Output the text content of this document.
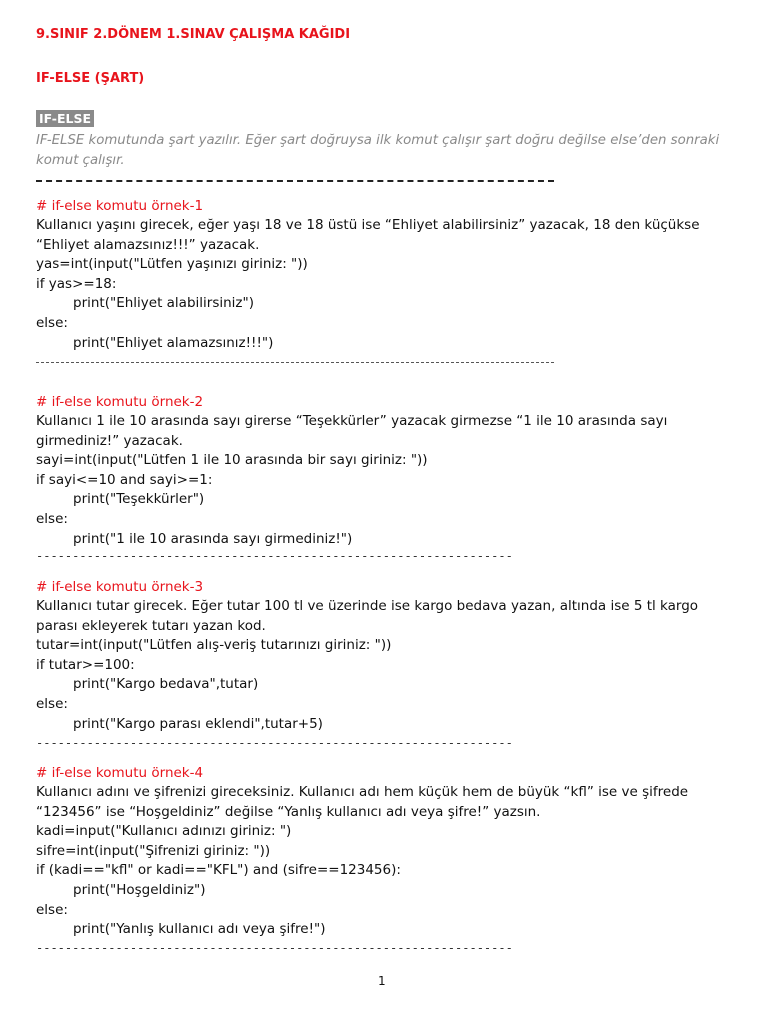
9.SINIF 2.DÖNEM 1.SINAV ÇALIŞMA KAĞIDI
IF-ELSE (ŞART)
IF-ELSE
IF-ELSE komutunda şart yazılır. Eğer şart doğruysa ilk komut çalışır şart doğru değilse else’den sonraki komut çalışır.
# if-else komutu örnek-1
Kullanıcı yaşını girecek, eğer yaşı 18 ve 18 üstü ise “Ehliyet alabilirsiniz” yazacak, 18 den küçükse “Ehliyet alamazsınız!!!” yazacak.
yas=int(input("Lütfen yaşınızı giriniz: "))
if yas>=18:
print("Ehliyet alabilirsiniz")
else:
print("Ehliyet alamazsınız!!!")
# if-else komutu örnek-2
Kullanıcı 1 ile 10 arasında sayı girerse “Teşekkürler” yazacak girmezse “1 ile 10 arasında sayı girmediniz!” yazacak.
sayi=int(input("Lütfen 1 ile 10 arasında bir sayı giriniz: "))
if sayi<=10 and sayi>=1:
print("Teşekkürler")
else:
print("1 ile 10 arasında sayı girmediniz!")
------------------------------------------------------------------
# if-else komutu örnek-3
Kullanıcı tutar girecek. Eğer tutar 100 tl ve üzerinde ise kargo bedava yazan, altında ise 5 tl kargo parası ekleyerek tutarı yazan kod.
tutar=int(input("Lütfen alış-veriş tutarınızı giriniz: "))
if tutar>=100:
print("Kargo bedava",tutar)
else:
print("Kargo parası eklendi",tutar+5)
------------------------------------------------------------------
# if-else komutu örnek-4
Kullanıcı adını ve şifrenizi gireceksiniz. Kullanıcı adı hem küçük hem de büyük “kfl” ise ve şifrede “123456” ise “Hoşgeldiniz” değilse “Yanlış kullanıcı adı veya şifre!” yazsın.
kadi=input("Kullanıcı adınızı giriniz: ")
sifre=int(input("Şifrenizi giriniz: "))
if (kadi=="kfl" or kadi=="KFL") and (sifre==123456):
print("Hoşgeldiniz")
else:
print("Yanlış kullanıcı adı veya şifre!")
------------------------------------------------------------------
1
